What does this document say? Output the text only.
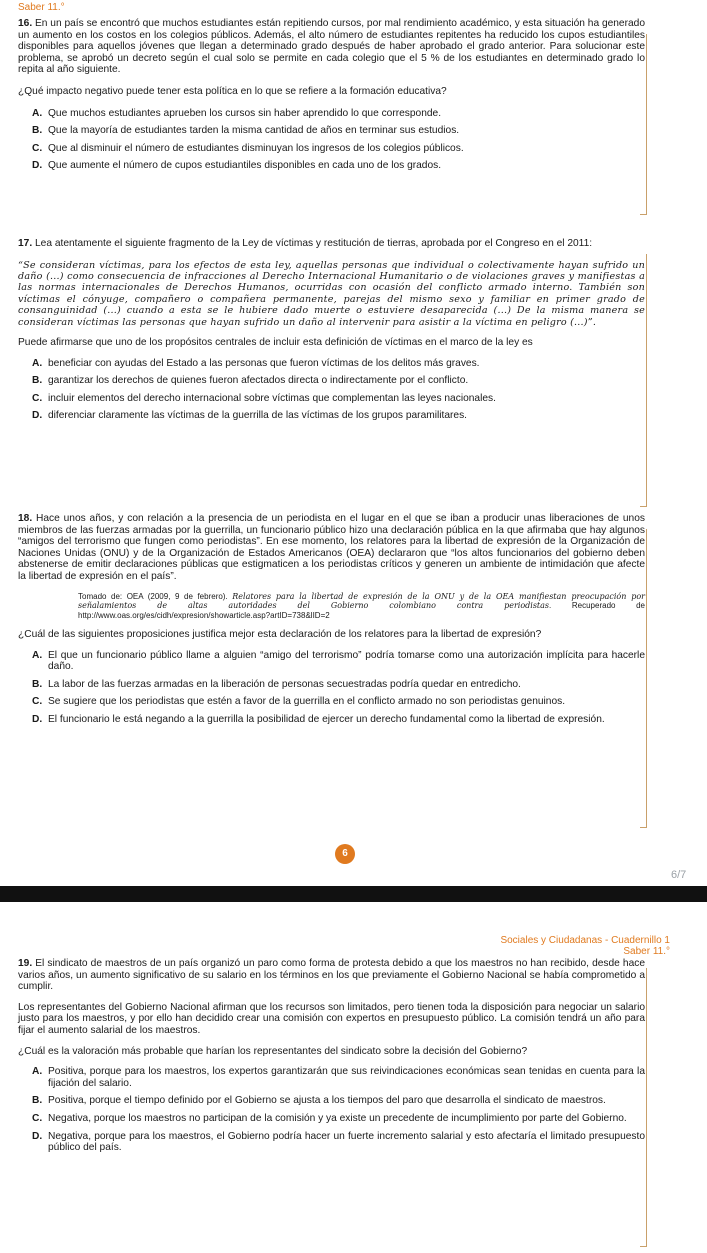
Saber 11.°

16. En un país se encontró que muchos estudiantes están repitiendo cursos, por mal rendimiento académico, y esta situación ha generado un aumento en los costos en los colegios públicos. Además, el alto número de estudiantes repitentes ha reducido los cupos estudiantiles disponibles para aquellos jóvenes que llegan a determinado grado después de haber aprobado el grado anterior. Para solucionar este problema, se aprobó un decreto según el cual solo se permite en cada colegio que el 5 % de los estudiantes en determinado grado lo repita al año siguiente.

¿Qué impacto negativo puede tener esta política en lo que se refiere a la formación educativa?

A. Que muchos estudiantes aprueben los cursos sin haber aprendido lo que corresponde.

B. Que la mayoría de estudiantes tarden la misma cantidad de años en terminar sus estudios.

C. Que al disminuir el número de estudiantes disminuyan los ingresos de los colegios públicos.

D. Que aumente el número de cupos estudiantiles disponibles en cada uno de los grados.

17. Lea atentamente el siguiente fragmento de la Ley de víctimas y restitución de tierras, aprobada por el Congreso en el 2011:

“Se consideran víctimas, para los efectos de esta ley, aquellas personas que individual o colectivamente hayan sufrido un daño (...) como consecuencia de infracciones al Derecho Internacional Humanitario o de violaciones graves y manifiestas a las normas internacionales de Derechos Humanos, ocurridas con ocasión del conflicto armado interno. También son víctimas el cónyuge, compañero o compañera permanente, parejas del mismo sexo y familiar en primer grado de consanguinidad (...) cuando a esta se le hubiere dado muerte o estuviere desaparecida (...) De la misma manera se consideran víctimas las personas que hayan sufrido un daño al intervenir para asistir a la víctima en peligro (...)”.

Puede afirmarse que uno de los propósitos centrales de incluir esta definición de víctimas en el marco de la ley es

A. beneficiar con ayudas del Estado a las personas que fueron víctimas de los delitos más graves.

B. garantizar los derechos de quienes fueron afectados directa o indirectamente por el conflicto.

C. incluir elementos del derecho internacional sobre víctimas que complementan las leyes nacionales.

D. diferenciar claramente las víctimas de la guerrilla de las víctimas de los grupos paramilitares.

18. Hace unos años, y con relación a la presencia de un periodista en el lugar en el que se iban a producir unas liberaciones de unos miembros de las fuerzas armadas por la guerrilla, un funcionario público hizo una declaración pública en la que afirmaba que hay algunos “amigos del terrorismo que fungen como periodistas”. En ese momento, los relatores para la libertad de expresión de la Organización de Naciones Unidas (ONU) y de la Organización de Estados Americanos (OEA) declararon que “los altos funcionarios del gobierno deben abstenerse de emitir declaraciones públicas que estigmaticen a los periodistas críticos y generen un ambiente de intimidación que afecte la libertad de expresión en el país”.

Tomado de: OEA (2009, 9 de febrero). Relatores para la libertad de expresión de la ONU y de la OEA manifiestan preocupación por señalamientos de altas autoridades del Gobierno colombiano contra periodistas. Recuperado de http://www.oas.org/es/cidh/expresion/showarticle.asp?artID=738&lID=2

¿Cuál de las siguientes proposiciones justifica mejor esta declaración de los relatores para la libertad de expresión?

A. El que un funcionario público llame a alguien “amigo del terrorismo” podría tomarse como una autorización implícita para hacerle daño.

B. La labor de las fuerzas armadas en la liberación de personas secuestradas podría quedar en entredicho.

C. Se sugiere que los periodistas que estén a favor de la guerrilla en el conflicto armado no son periodistas genuinos.

D. El funcionario le está negando a la guerrilla la posibilidad de ejercer un derecho fundamental como la libertad de expresión.

6
6/7
Sociales y Ciudadanas - Cuadernillo 1
Saber 11.°

19. El sindicato de maestros de un país organizó un paro como forma de protesta debido a que los maestros no han recibido, desde hace varios años, un aumento significativo de su salario en los términos en los que previamente el Gobierno Nacional se había comprometido a cumplir.

Los representantes del Gobierno Nacional afirman que los recursos son limitados, pero tienen toda la disposición para negociar un salario justo para los maestros, y por ello han decidido crear una comisión con expertos en presupuesto público. La comisión tendrá un año para fijar el aumento salarial de los maestros.

¿Cuál es la valoración más probable que harían los representantes del sindicato sobre la decisión del Gobierno?

A. Positiva, porque para los maestros, los expertos garantizarán que sus reivindicaciones económicas sean tenidas en cuenta para la fijación del salario.

B. Positiva, porque el tiempo definido por el Gobierno se ajusta a los tiempos del paro que desarrolla el sindicato de maestros.

C. Negativa, porque los maestros no participan de la comisión y ya existe un precedente de incumplimiento por parte del Gobierno.

D. Negativa, porque para los maestros, el Gobierno podría hacer un fuerte incremento salarial y esto afectaría el limitado presupuesto público del país.
